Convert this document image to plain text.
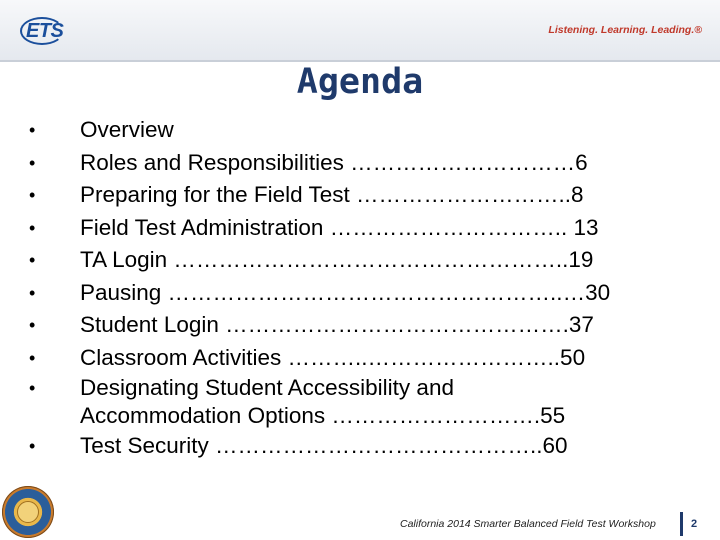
ETS	Listening. Learning. Leading.®
Agenda
• Overview
• Roles and Responsibilities …………………………6
• Preparing for the Field Test ………………………..8
• Field Test Administration ………………………….. 13
• TA Login ……………………………………………..19
• Pausing ……………………………………………..…30
• Student Login ……………………………………….37
• Classroom Activities ………..……………………..50
• Designating Student Accessibility and
Accommodation Options ……………………….55
• Test Security ……………………………………..60
California 2014 Smarter Balanced Field Test Workshop	2
